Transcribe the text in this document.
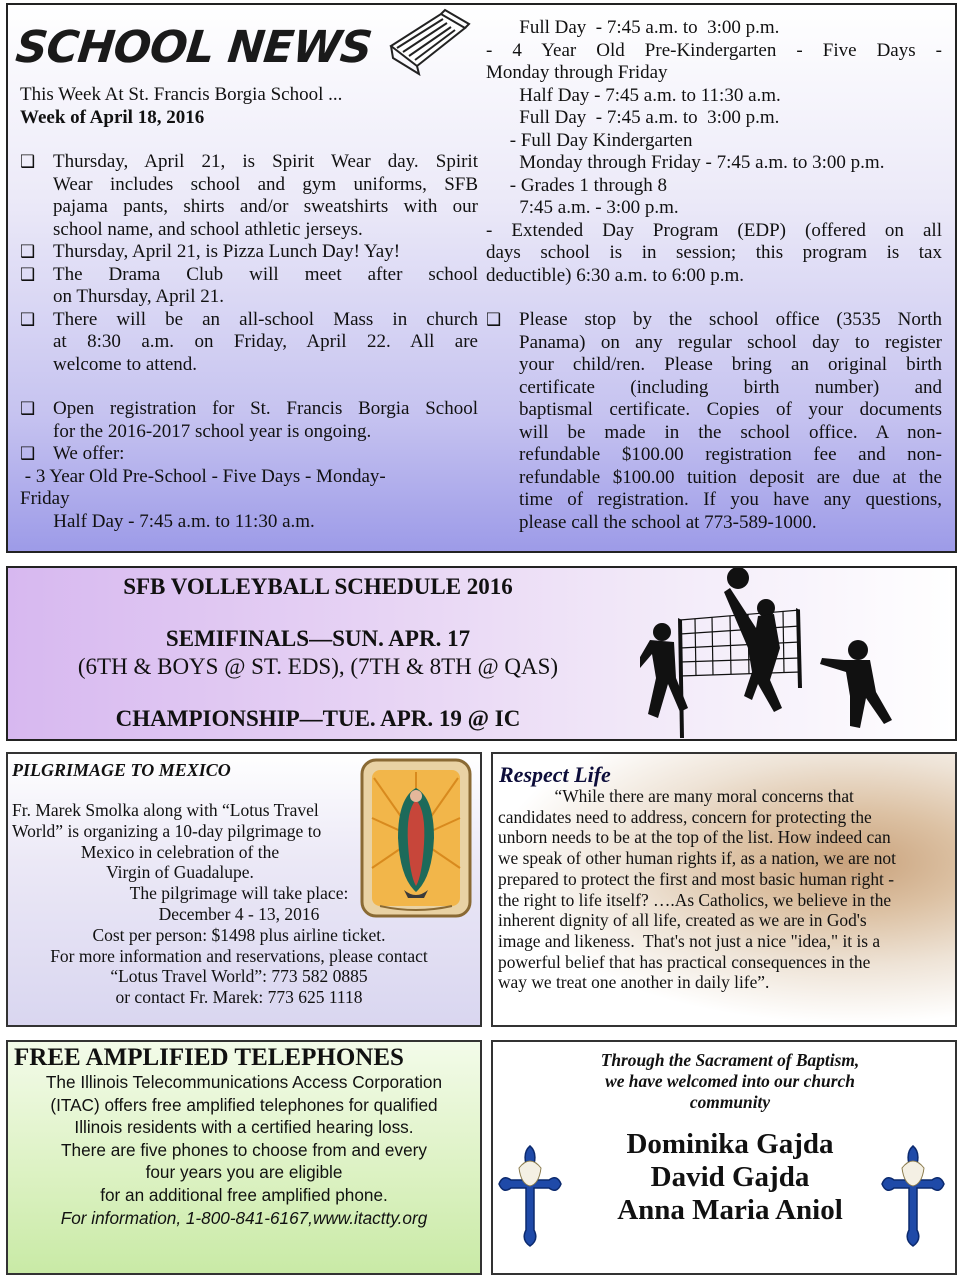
SCHOOL NEWS
This Week At St. Francis Borgia School ...
Week of April 18, 2016
❑ Thursday, April 21, is Spirit Wear day. Spirit
Wear includes school and gym uniforms, SFB
pajama pants, shirts and/or sweatshirts with our
school name, and school athletic jerseys.
❑ Thursday, April 21, is Pizza Lunch Day! Yay!
❑ The Drama Club will meet after school
on Thursday, April 21.
❑ There will be an all-school Mass in church
at 8:30 a.m. on Friday, April 22. All are
welcome to attend.
❑ Open registration for St. Francis Borgia School
for the 2016-2017 school year is ongoing.
❑ We offer:
- 3 Year Old Pre-School - Five Days - Monday-
Friday
Half Day - 7:45 a.m. to 11:30 a.m.
Full Day  - 7:45 a.m. to  3:00 p.m.
- 4 Year Old Pre-Kindergarten - Five Days -
Monday through Friday
Half Day - 7:45 a.m. to 11:30 a.m.
Full Day  - 7:45 a.m. to  3:00 p.m.
- Full Day Kindergarten
Monday through Friday - 7:45 a.m. to 3:00 p.m.
- Grades 1 through 8
7:45 a.m. - 3:00 p.m.
- Extended Day Program (EDP) (offered on all
days school is in session; this program is tax
deductible) 6:30 a.m. to 6:00 p.m.
❑ Please stop by the school office (3535 North
Panama) on any regular school day to register
your child/ren. Please bring an original birth
certificate (including birth number) and
baptismal certificate. Copies of your documents
will be made in the school office. A non-
refundable $100.00 registration fee and non-
refundable $100.00 tuition deposit are due at the
time of registration. If you have any questions,
please call the school at 773-589-1000.
SFB VOLLEYBALL SCHEDULE 2016
SEMIFINALS—SUN. APR. 17
(6TH & BOYS @ ST. EDS), (7TH & 8TH @ QAS)
CHAMPIONSHIP—TUE. APR. 19 @ IC
PILGRIMAGE TO MEXICO
Fr. Marek Smolka along with “Lotus Travel
World” is organizing a 10-day pilgrimage to
Mexico in celebration of the
Virgin of Guadalupe.
The pilgrimage will take place:
December 4 - 13, 2016
Cost per person: $1498 plus airline ticket.
For more information and reservations, please contact
“Lotus Travel World”: 773 582 0885
or contact Fr. Marek: 773 625 1118
Respect Life
“While there are many moral concerns that
candidates need to address, concern for protecting the
unborn needs to be at the top of the list. How indeed can
we speak of other human rights if, as a nation, we are not
prepared to protect the first and most basic human right -
the right to life itself? ….As Catholics, we believe in the
inherent dignity of all life, created as we are in God's
image and likeness.  That's not just a nice "idea," it is a
powerful belief that has practical consequences in the
way we treat one another in daily life”.
FREE AMPLIFIED TELEPHONES
The Illinois Telecommunications Access Corporation
(ITAC) offers free amplified telephones for qualified
Illinois residents with a certified hearing loss.
There are five phones to choose from and every
four years you are eligible
for an additional free amplified phone.
For information, 1-800-841-6167,www.itactty.org
Through the Sacrament of Baptism,
we have welcomed into our church
community
Dominika Gajda
David Gajda
Anna Maria Aniol
